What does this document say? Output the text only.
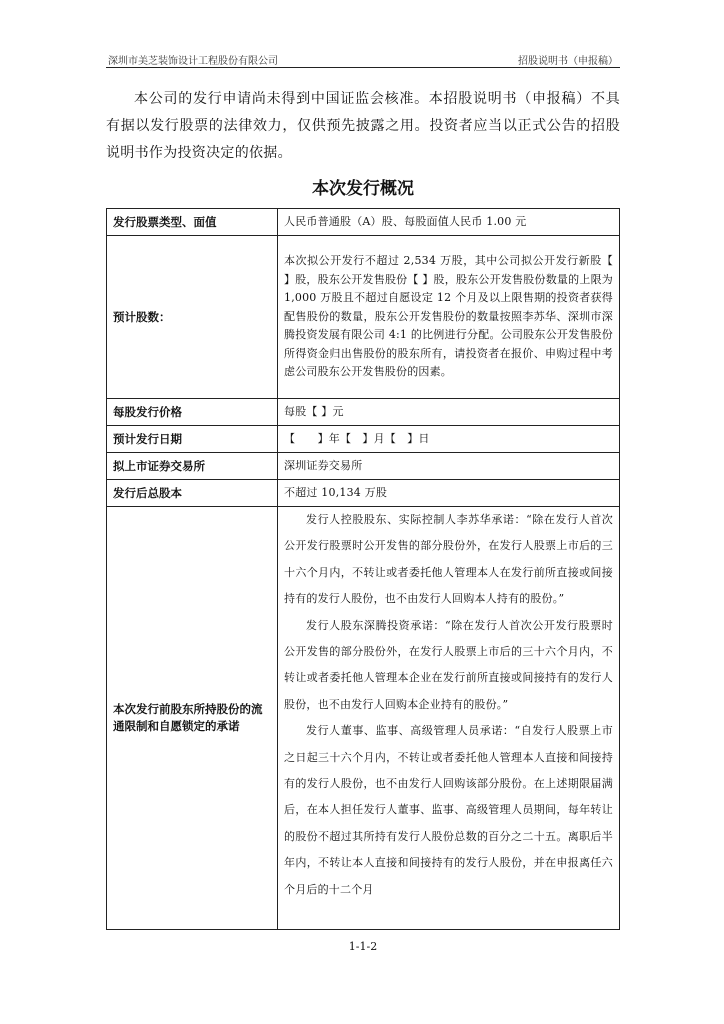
深圳市美芝装饰设计工程股份有限公司	招股说明书（申报稿）
本公司的发行申请尚未得到中国证监会核准。本招股说明书（申报稿）不具有据以发行股票的法律效力，仅供预先披露之用。投资者应当以正式公告的招股说明书作为投资决定的依据。
本次发行概况
发行股票类型、面值	人民币普通股（A）股、每股面值人民币 1.00 元
预计股数：	本次拟公开发行不超过 2,534 万股，其中公司拟公开发行新股【 】股，股东公开发售股份【 】股，股东公开发售股份数量的上限为 1,000 万股且不超过自愿设定 12 个月及以上限售期的投资者获得配售股份的数量，股东公开发售股份的数量按照李苏华、深圳市深腾投资发展有限公司 4:1 的比例进行分配。公司股东公开发售股份所得资金归出售股份的股东所有，请投资者在报价、申购过程中考虑公司股东公开发售股份的因素。
每股发行价格	每股【 】元
预计发行日期	【　　】年【　】月【　】日
拟上市证券交易所	深圳证券交易所
发行后总股本	不超过 10,134 万股
本次发行前股东所持股份的流通限制和自愿锁定的承诺	发行人控股股东、实际控制人李苏华承诺：“除在发行人首次公开发行股票时公开发售的部分股份外，在发行人股票上市后的三十六个月内，不转让或者委托他人管理本人在发行前所直接或间接持有的发行人股份，也不由发行人回购本人持有的股份。”

发行人股东深腾投资承诺：“除在发行人首次公开发行股票时公开发售的部分股份外，在发行人股票上市后的三十六个月内，不转让或者委托他人管理本企业在发行前所直接或间接持有的发行人股份，也不由发行人回购本企业持有的股份。”

发行人董事、监事、高级管理人员承诺：“自发行人股票上市之日起三十六个月内，不转让或者委托他人管理本人直接和间接持有的发行人股份，也不由发行人回购该部分股份。在上述期限届满后，在本人担任发行人董事、监事、高级管理人员期间，每年转让的股份不超过其所持有发行人股份总数的百分之二十五。离职后半年内，不转让本人直接和间接持有的发行人股份，并在申报离任六个月后的十二个月

1-1-2
